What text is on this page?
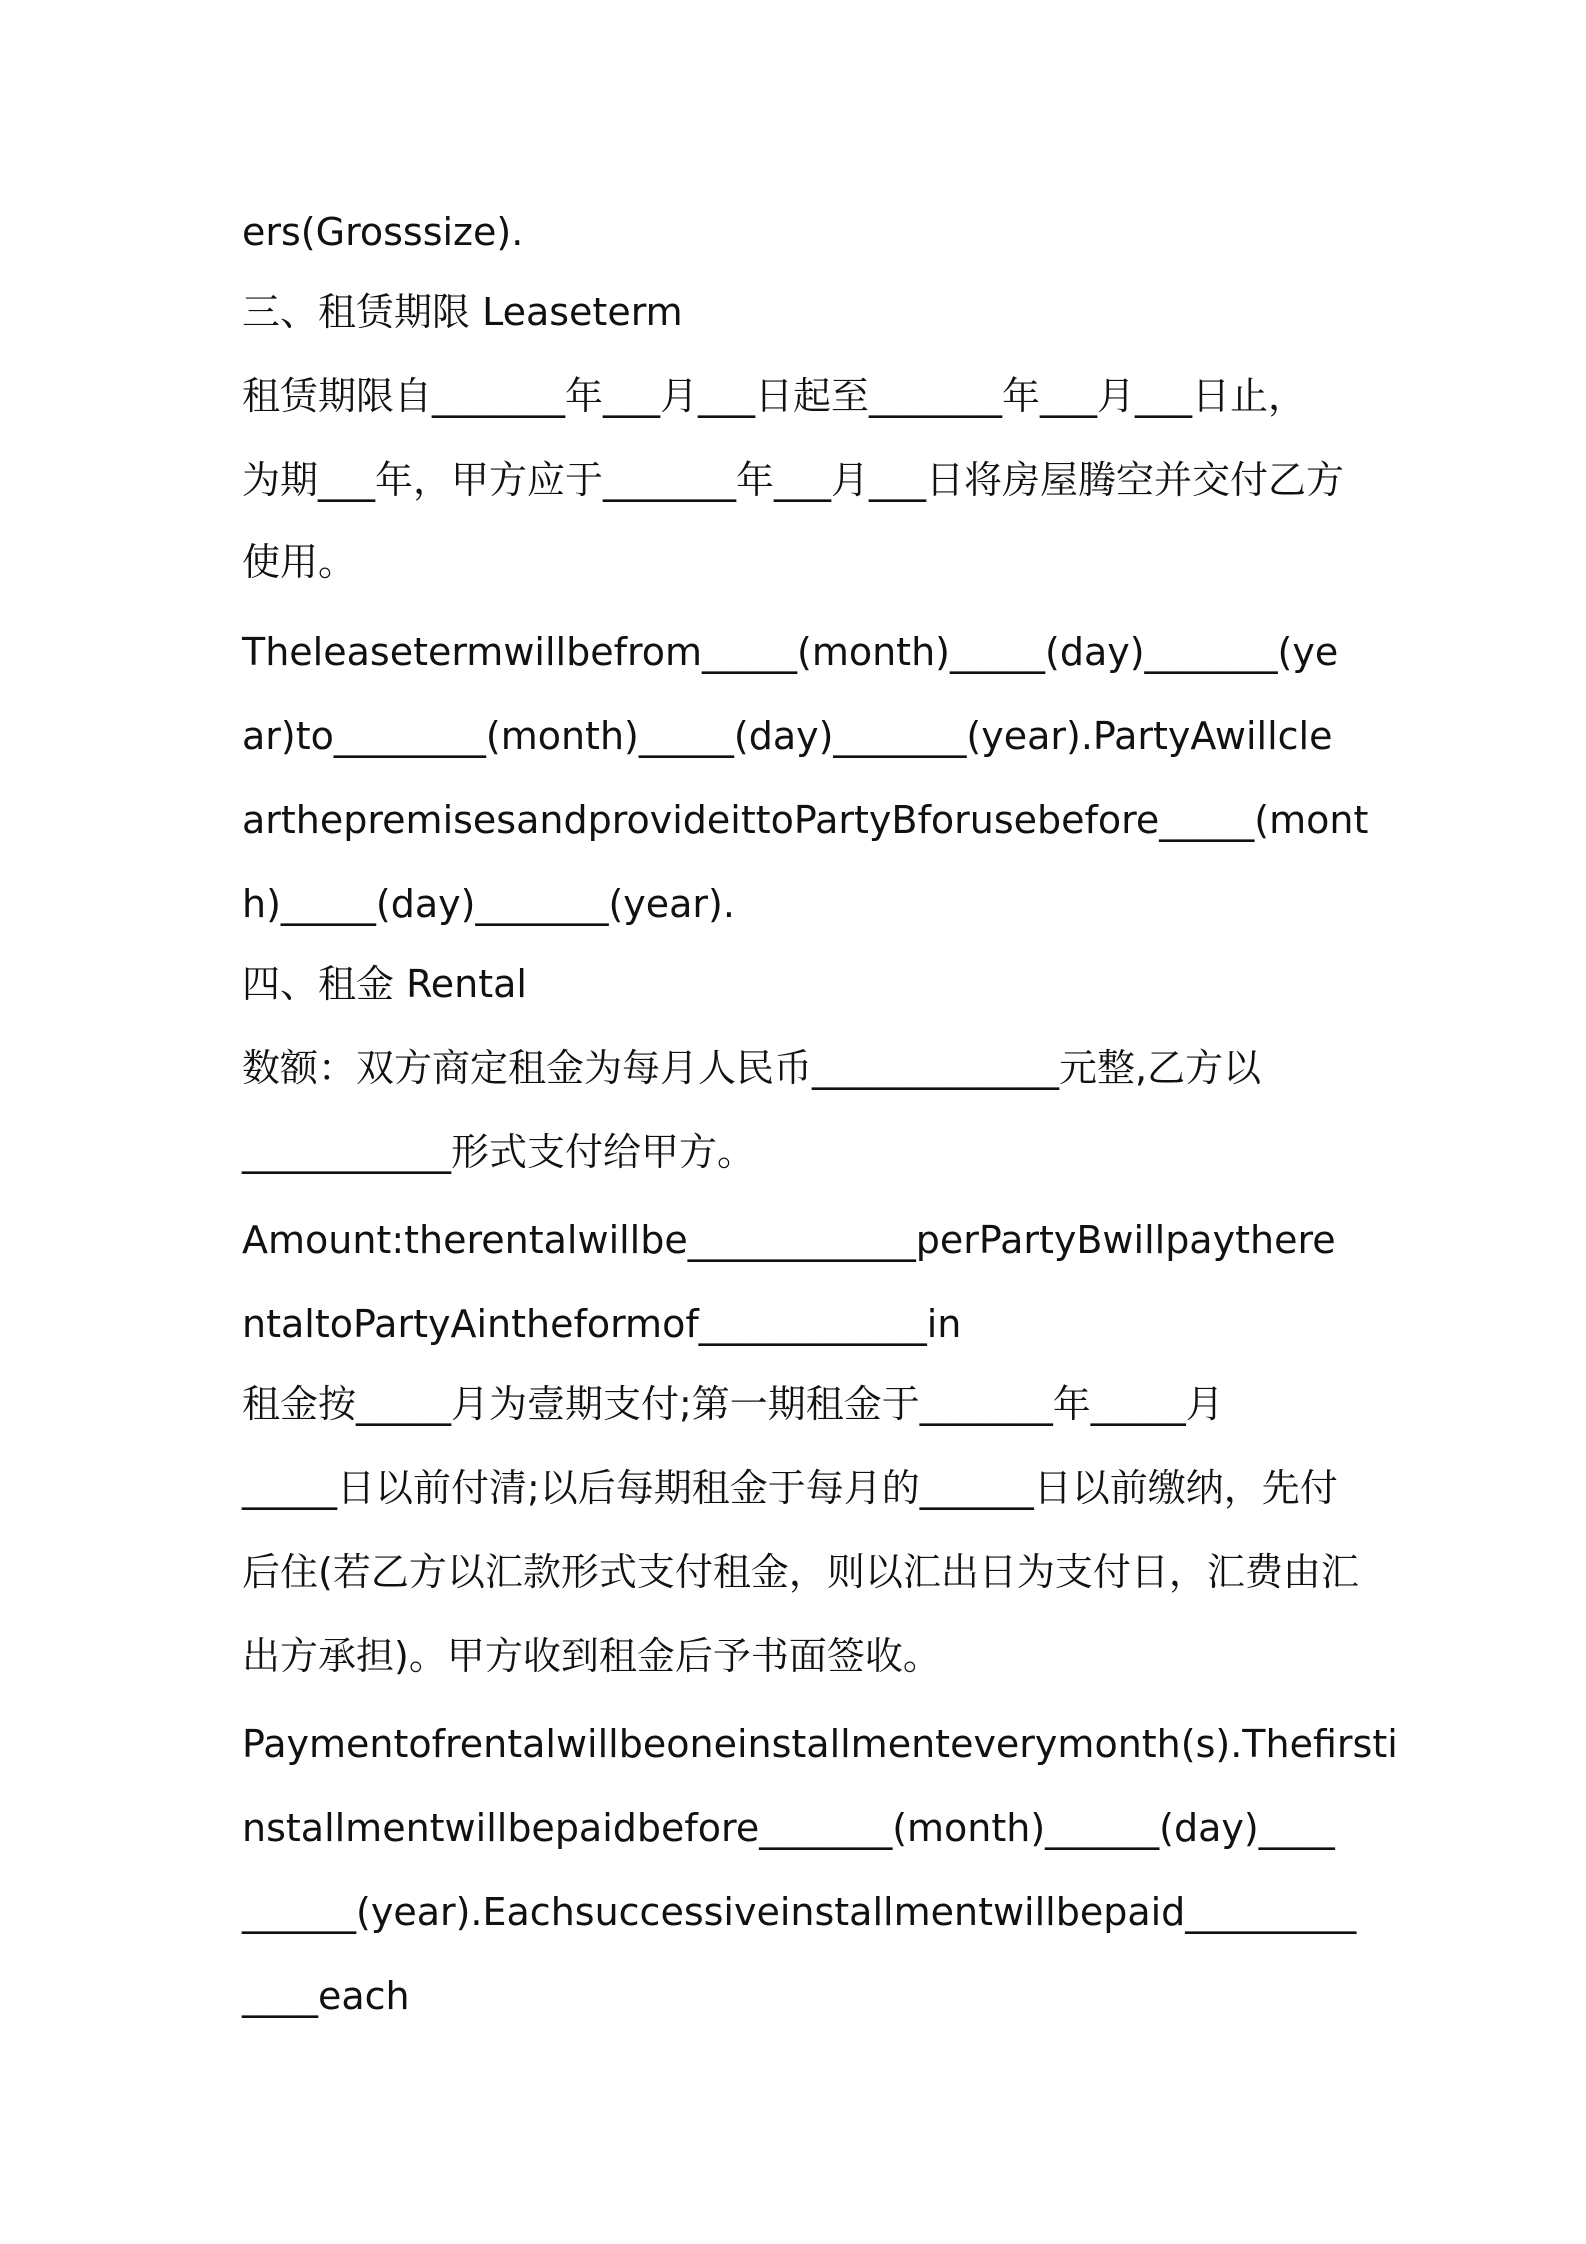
ers(Grosssize).

三、租赁期限 Leaseterm

租赁期限自_______年___月___日起至_______年___月___日止，

为期___年，甲方应于_______年___月___日将房屋腾空并交付乙方

使用。

Theleasetermwillbefrom_____(month)_____(day)_______(ye

ar)to________(month)_____(day)_______(year).PartyAwillcle

arthepremisesandprovideittoPartyBforusebefore_____(mont

h)_____(day)_______(year).

四、租金 Rental

数额：双方商定租金为每月人民币_____________元整,乙方以

___________形式支付给甲方。

Amount:therentalwillbe____________perPartyBwillpaythere

ntaltoPartyAintheformof____________in

租金按_____月为壹期支付;第一期租金于_______年_____月

_____日以前付清;以后每期租金于每月的______日以前缴纳，先付

后住(若乙方以汇款形式支付租金，则以汇出日为支付日，汇费由汇

出方承担)。甲方收到租金后予书面签收。

Paymentofrentalwillbeoneinstallmenteverymonth(s).Thefirsti

nstallmentwillbepaidbefore_______(month)______(day)____

______(year).Eachsuccessiveinstallmentwillbepaid_________

____each
